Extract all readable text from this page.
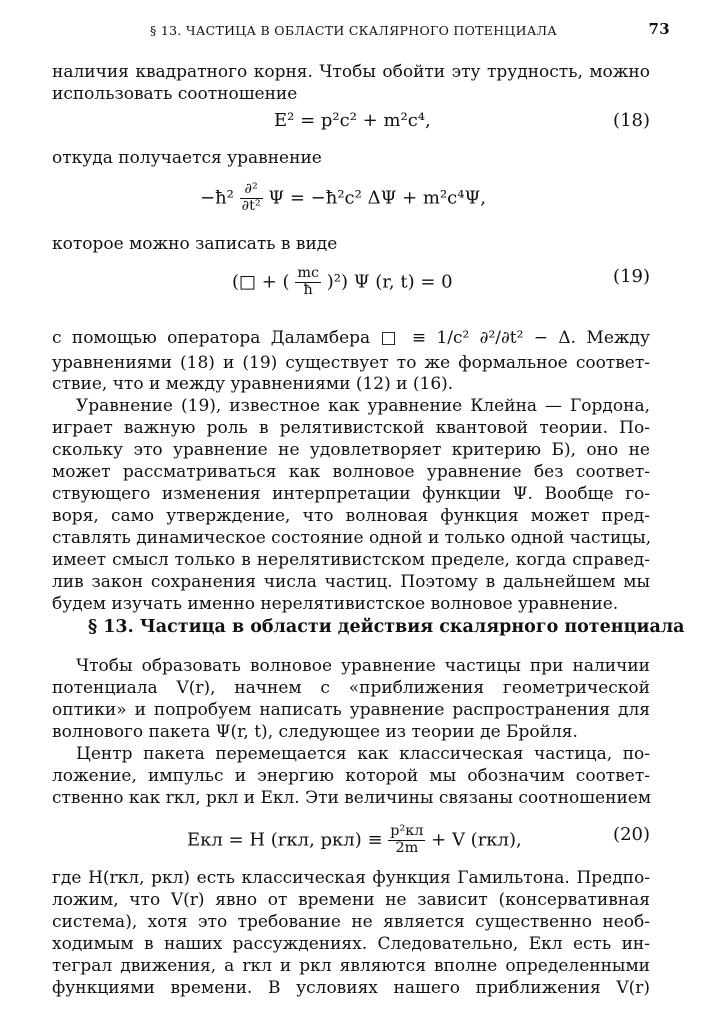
§ 13. ЧАСТИЦА В ОБЛАСТИ СКАЛЯРНОГО ПОТЕНЦИАЛА	73
наличия квадратного корня. Чтобы обойти эту трудность, можно
использовать соотношение
E² = p²c² + m²c⁴,	(18)
откуда получается уравнение
−ħ² $\frac{\text{∂²}}{\text{∂t²}}$ Ψ = −ħ²c² ΔΨ + m²c⁴Ψ,
которое можно записать в виде
(□ + ( $\frac{mc}{ħ} )^2$) Ψ (r, t) = 0	(19)
с помощью оператора Даламбера □ ≡ 1/c² ∂²/∂t² − Δ. Между
уравнениями (18) и (19) существует то же формальное соответ-
ствие, что и между уравнениями (12) и (16).
Уравнение (19), известное как уравнение Клейна — Гордона,
играет важную роль в релятивистской квантовой теории. По-
скольку это уравнение не удовлетворяет критерию Б), оно не
может рассматриваться как волновое уравнение без соответ-
ствующего изменения интерпретации функции Ψ. Вообще го-
воря, само утверждение, что волновая функция может пред-
ставлять динамическое состояние одной и только одной частицы,
имеет смысл только в нерелятивистском пределе, когда справед-
лив закон сохранения числа частиц. Поэтому в дальнейшем мы
будем изучать именно нерелятивистское волновое уравнение.
§ 13. Частица в области действия скалярного потенциала
Чтобы образовать волновое уравнение частицы при наличии
потенциала V(r), начнем с «приближения геометрической
оптики» и попробуем написать уравнение распространения для
волнового пакета Ψ(r, t), следующее из теории де Бройля.
Центр пакета перемещается как классическая частица, по-
ложение, импульс и энергию которой мы обозначим соответ-
ственно как rкл, pкл и Eкл. Эти величины связаны соотношением
Eкл = H (rкл, $pкл) \equiv \frac{\text{p²кл}}{2m} + V$ (rкл),	(20)
где H(rкл, pкл) есть классическая функция Гамильтона. Предпо-
ложим, что V(r) явно от времени не зависит (консервативная
система), хотя это требование не является существенно необ-
ходимым в наших рассуждениях. Следовательно, Eкл есть ин-
теграл движения, а rкл и pкл являются вполне определенными
функциями времени. В условиях нашего приближения V(r)
